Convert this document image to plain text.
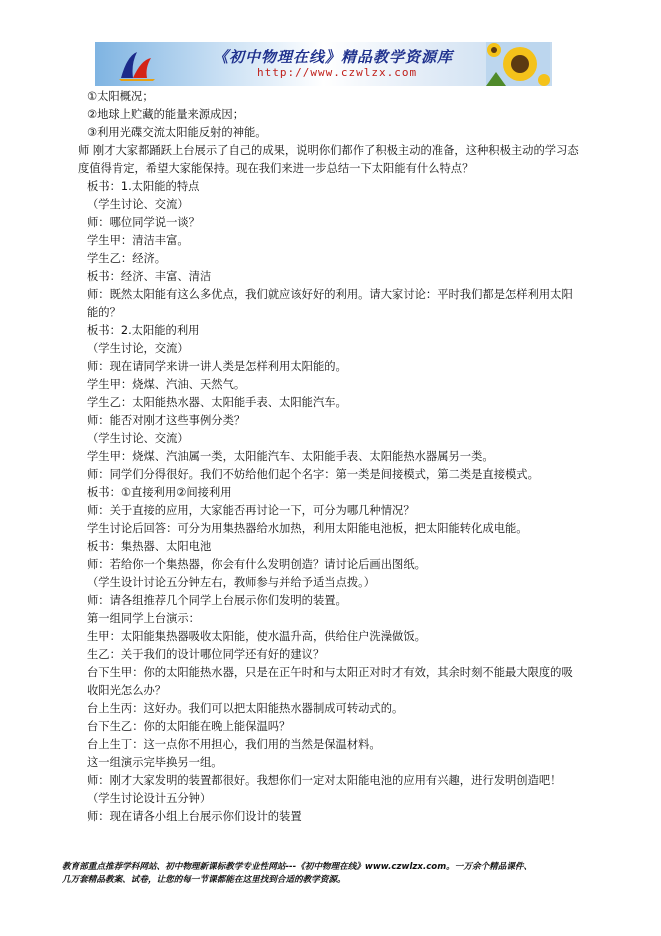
《初中物理在线》精品教学资源库
http://www.czwlzx.com
①太阳概况；
②地球上贮藏的能量来源成因；
③利用光碟交流太阳能反射的神能。
师 刚才大家都踊跃上台展示了自己的成果，说明你们都作了积极主动的准备，这种积极主动的学习态度值得肯定，希望大家能保持。现在我们来进一步总结一下太阳能有什么特点？
板书：1.太阳能的特点
（学生讨论、交流）
师：哪位同学说一谈？
学生甲：清洁丰富。
学生乙：经济。
板书：经济、丰富、清洁
师：既然太阳能有这么多优点，我们就应该好好的利用。请大家讨论：平时我们都是怎样利用太阳能的？
板书：2.太阳能的利用
（学生讨论，交流）
师：现在请同学来讲一讲人类是怎样利用太阳能的。
学生甲：烧煤、汽油、天然气。
学生乙：太阳能热水器、太阳能手表、太阳能汽车。
师：能否对刚才这些事例分类？
（学生讨论、交流）
学生甲：烧煤、汽油属一类，太阳能汽车、太阳能手表、太阳能热水器属另一类。
师：同学们分得很好。我们不妨给他们起个名字：第一类是间接模式，第二类是直接模式。
板书：①直接利用②间接利用
师：关于直接的应用，大家能否再讨论一下，可分为哪几种情况？
学生讨论后回答：可分为用集热器给水加热，利用太阳能电池板，把太阳能转化成电能。
板书：集热器、太阳电池
师：若给你一个集热器，你会有什么发明创造？请讨论后画出图纸。
（学生设计讨论五分钟左右，教师参与并给予适当点拨。）
师：请各组推荐几个同学上台展示你们发明的装置。
第一组同学上台演示：
生甲：太阳能集热器吸收太阳能，使水温升高，供给住户洗澡做饭。
生乙：关于我们的设计哪位同学还有好的建议？
台下生甲：你的太阳能热水器，只是在正午时和与太阳正对时才有效，其余时刻不能最大限度的吸收阳光怎么办？
台上生丙：这好办。我们可以把太阳能热水器制成可转动式的。
台下生乙：你的太阳能在晚上能保温吗？
台上生丁：这一点你不用担心，我们用的当然是保温材料。
这一组演示完毕换另一组。
师：刚才大家发明的装置都很好。我想你们一定对太阳能电池的应用有兴趣，进行发明创造吧！
（学生讨论设计五分钟）
师：现在请各小组上台展示你们设计的装置
教育部重点推荐学科网站、初中物理新课标教学专业性网站---《初中物理在线》www.czwlzx.com。一万余个精品课件、
几万套精品教案、试卷，让您的每一节课都能在这里找到合适的教学资源。
